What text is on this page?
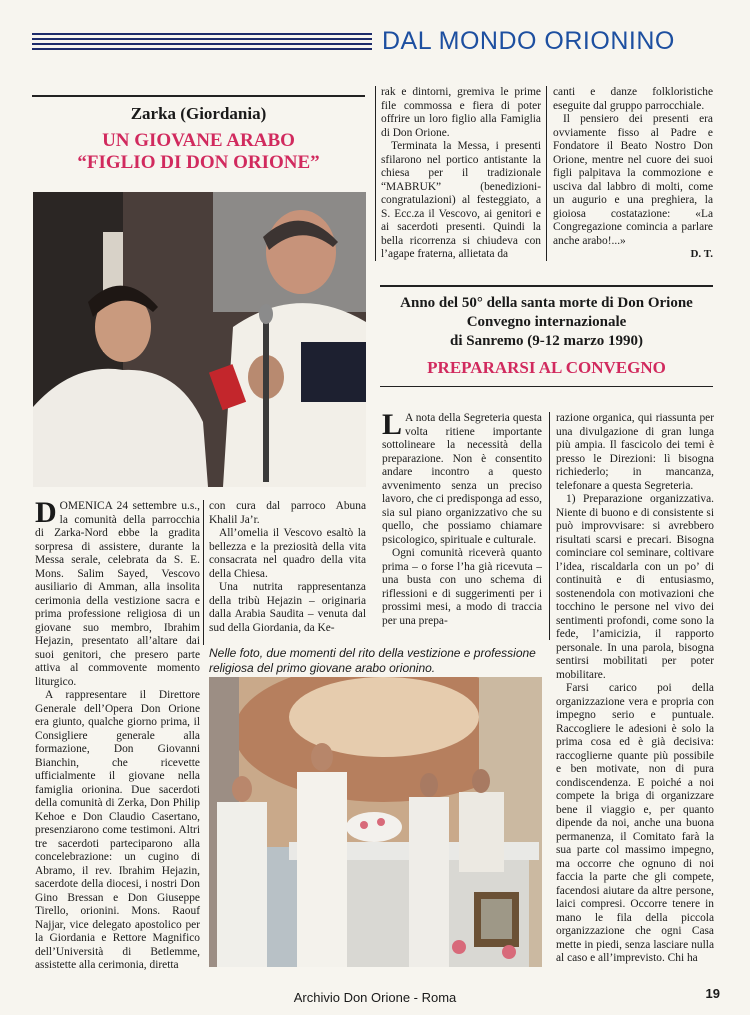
DAL MONDO ORIONINO
Zarka (Giordania)
UN GIOVANE ARABO
“FIGLIO DI DON ORIONE”

DOMENICA 24 settembre u.s., la comunità della parrocchia di Zarka-Nord ebbe la gradita sorpresa di assistere, durante la Messa serale, celebrata da S. E. Mons. Salim Sayed, Vescovo ausiliario di Amman, alla insolita cerimonia della vestizione sacra e prima professione religiosa di un giovane suo membro, Ibrahim Hejazin, presentato all’altare dai suoi genitori, che presero parte attiva al commovente momento liturgico.

A rappresentare il Direttore Generale dell’Opera Don Orione era giunto, qualche giorno prima, il Consigliere generale alla formazione, Don Giovanni Bianchin, che ricevette ufficialmente il giovane nella famiglia orionina. Due sacerdoti della comunità di Zerka, Don Philip Kehoe e Don Claudio Casertano, presenziarono come testimoni. Altri tre sacerdoti parteciparono alla concelebrazione: un cugino di Abramo, il rev. Ibrahim Hejazin, sacerdote della diocesi, i nostri Don Gino Bressan e Don Giuseppe Tirello, orionini. Mons. Raouf Najjar, vice delegato apostolico per la Giordania e Rettore Magnifico dell’Università di Betlemme, assistette alla cerimonia, diretta

con cura dal parroco Abuna Khalil Ja’r.

All’omelia il Vescovo esaltò la bellezza e la preziosità della vita consacrata nel quadro della vita della Chiesa.

Una nutrita rappresentanza della tribù Hejazin – originaria dalla Arabia Saudita – venuta dal sud della Giordania, da Ke-

rak e dintorni, gremiva le prime file commossa e fiera di poter offrire un loro figlio alla Famiglia di Don Orione.

Terminata la Messa, i presenti sfilarono nel portico antistante la chiesa per il tradizionale “MABRUK” (benedizioni-congratulazioni) al festeggiato, a S. Ecc.za il Vescovo, ai genitori e ai sacerdoti presenti. Quindi la bella ricorrenza si chiudeva con l’agape fraterna, allietata da

canti e danze folkloristiche eseguite dal gruppo parrocchiale.

Il pensiero dei presenti era ovviamente fisso al Padre e Fondatore il Beato Nostro Don Orione, mentre nel cuore dei suoi figli palpitava la commozione e usciva dal labbro di molti, come un augurio e una preghiera, la gioiosa costatazione: «La Congregazione comincia a parlare anche arabo!...»

D. T.
Anno del 50° della santa morte di Don Orione
Convegno internazionale
di Sanremo (9-12 marzo 1990)
PREPARARSI AL CONVEGNO

L A nota della Segreteria questa volta ritiene importante sottolineare la necessità della preparazione. Non è consentito andare incontro a questo avvenimento senza un preciso lavoro, che ci predisponga ad esso, sia sul piano organizzativo che su quello, che possiamo chiamare psicologico, spirituale e culturale.

Ogni comunità riceverà quanto prima – o forse l’ha già ricevuta – una busta con uno schema di riflessioni e di suggerimenti per i prossimi mesi, a modo di traccia per una prepa-

razione organica, qui riassunta per una divulgazione di gran lunga più ampia. Il fascicolo dei temi è presso le Direzioni: lì bisogna richiederlo; in mancanza, telefonare a questa Segreteria.

1) Preparazione organizzativa. Niente di buono e di consistente si può improvvisare: si avrebbero risultati scarsi e precari. Bisogna cominciare col seminare, coltivare l’idea, riscaldarla con un po’ di continuità e di entusiasmo, sostenendola con motivazioni che tocchino le persone nel vivo dei sentimenti profondi, come sono la fede, l’amicizia, il rapporto personale. In una parola, bisogna sentirsi mobilitati per poter mobilitare.

Farsi carico poi della organizzazione vera e propria con impegno serio e puntuale. Raccogliere le adesioni è solo la prima cosa ed è già decisiva: raccoglierne quante più possibile e ben motivate, non di pura condiscendenza. E poiché a noi compete la briga di organizzare bene il viaggio e, per quanto dipende da noi, anche una buona permanenza, il Comitato farà la sua parte col massimo impegno, ma occorre che ognuno di noi faccia la parte che gli compete, facendosi aiutare da altre persone, laici compresi. Occorre tenere in mano le fila della piccola organizzazione che ogni Casa mette in piedi, senza lasciare nulla al caso e all’imprevisto. Chi ha

Nelle foto, due momenti del rito della vestizione e professione religiosa del primo giovane arabo orionino.
Archivio Don Orione - Roma	19
